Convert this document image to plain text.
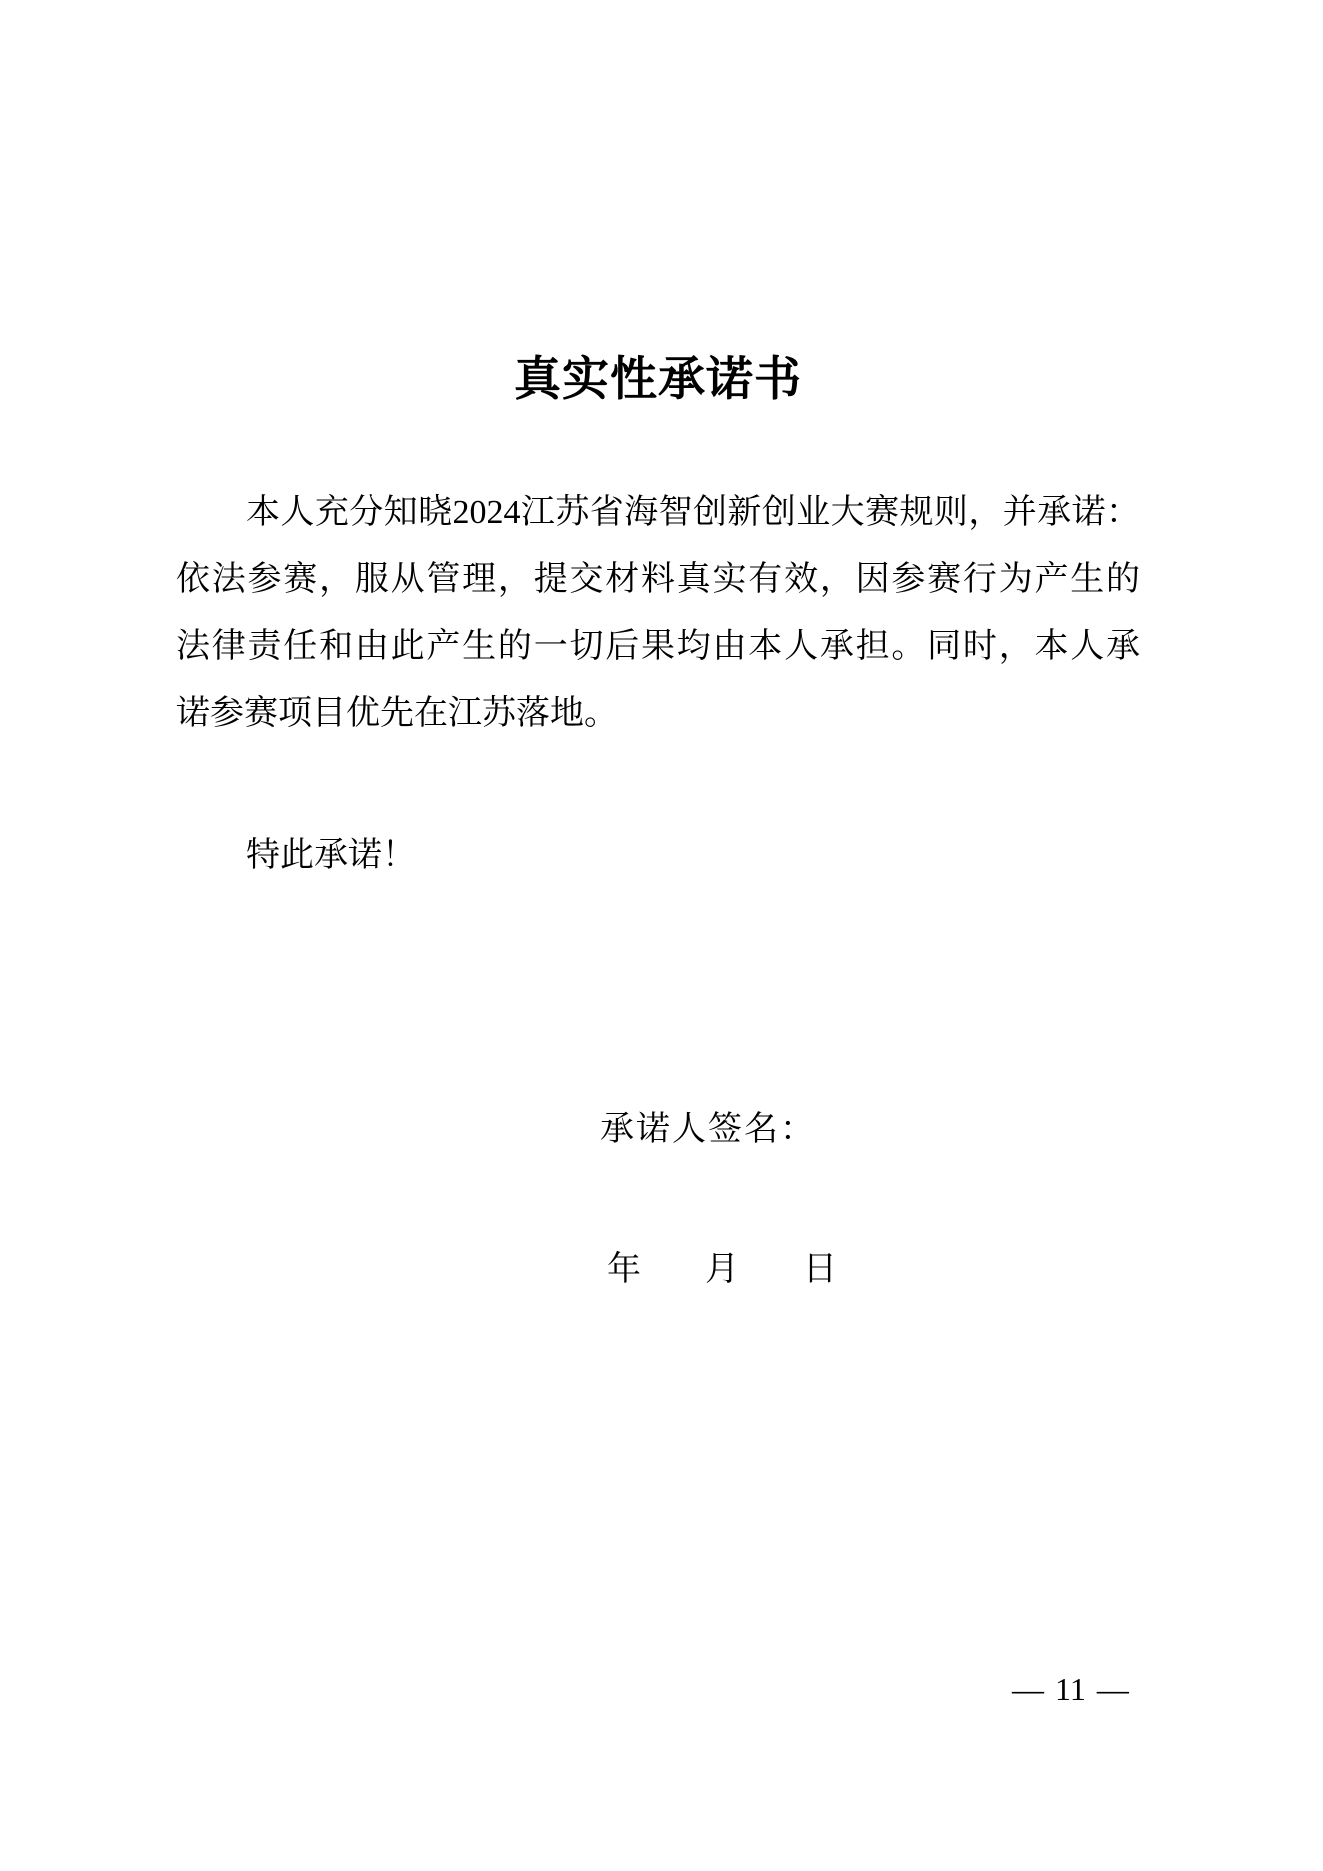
真实性承诺书
本人充分知晓2024江苏省海智创新创业大赛规则，并承诺：
依法参赛，服从管理，提交材料真实有效，因参赛行为产生的
法律责任和由此产生的一切后果均由本人承担。同时，本人承
诺参赛项目优先在江苏落地。
特此承诺！
承诺人签名：
年 月 日
— 11 —
